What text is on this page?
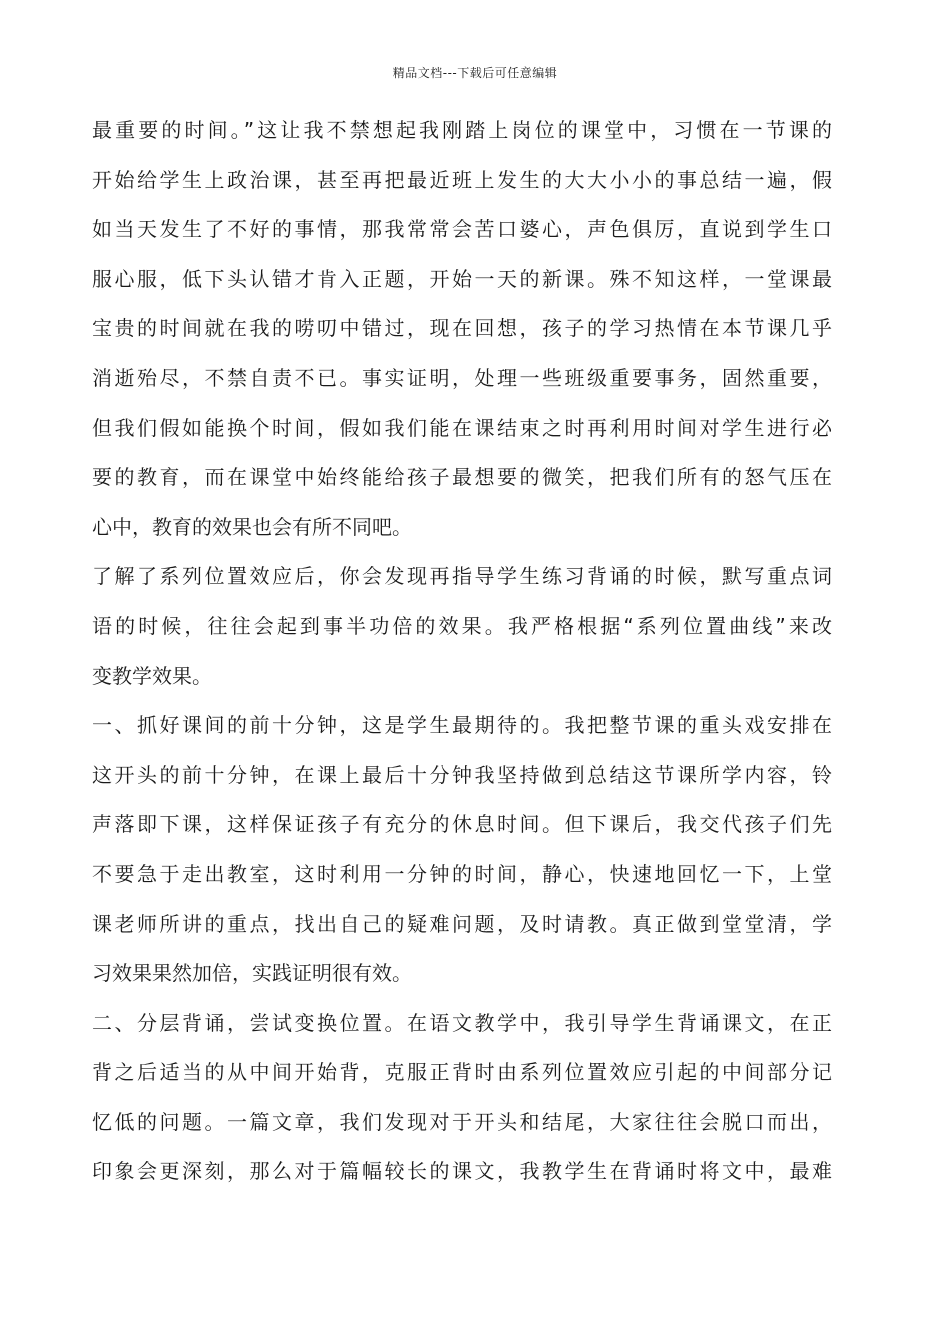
精品文档---下载后可任意编辑
最重要的时间。”这让我不禁想起我刚踏上岗位的课堂中，习惯在一节课的
开始给学生上政治课，甚至再把最近班上发生的大大小小的事总结一遍，假
如当天发生了不好的事情，那我常常会苦口婆心，声色俱厉，直说到学生口
服心服，低下头认错才肯入正题，开始一天的新课。殊不知这样，一堂课最
宝贵的时间就在我的唠叨中错过，现在回想，孩子的学习热情在本节课几乎
消逝殆尽，不禁自责不已。事实证明，处理一些班级重要事务，固然重要，
但我们假如能换个时间，假如我们能在课结束之时再利用时间对学生进行必
要的教育，而在课堂中始终能给孩子最想要的微笑，把我们所有的怒气压在
心中，教育的效果也会有所不同吧。
了解了系列位置效应后，你会发现再指导学生练习背诵的时候，默写重点词
语的时候，往往会起到事半功倍的效果。我严格根据“系列位置曲线”来改
变教学效果。
一、抓好课间的前十分钟，这是学生最期待的。我把整节课的重头戏安排在
这开头的前十分钟，在课上最后十分钟我坚持做到总结这节课所学内容，铃
声落即下课，这样保证孩子有充分的休息时间。但下课后，我交代孩子们先
不要急于走出教室，这时利用一分钟的时间，静心，快速地回忆一下，上堂
课老师所讲的重点，找出自己的疑难问题，及时请教。真正做到堂堂清，学
习效果果然加倍，实践证明很有效。
二、分层背诵，尝试变换位置。在语文教学中，我引导学生背诵课文，在正
背之后适当的从中间开始背，克服正背时由系列位置效应引起的中间部分记
忆低的问题。一篇文章，我们发现对于开头和结尾，大家往往会脱口而出，
印象会更深刻，那么对于篇幅较长的课文，我教学生在背诵时将文中，最难
